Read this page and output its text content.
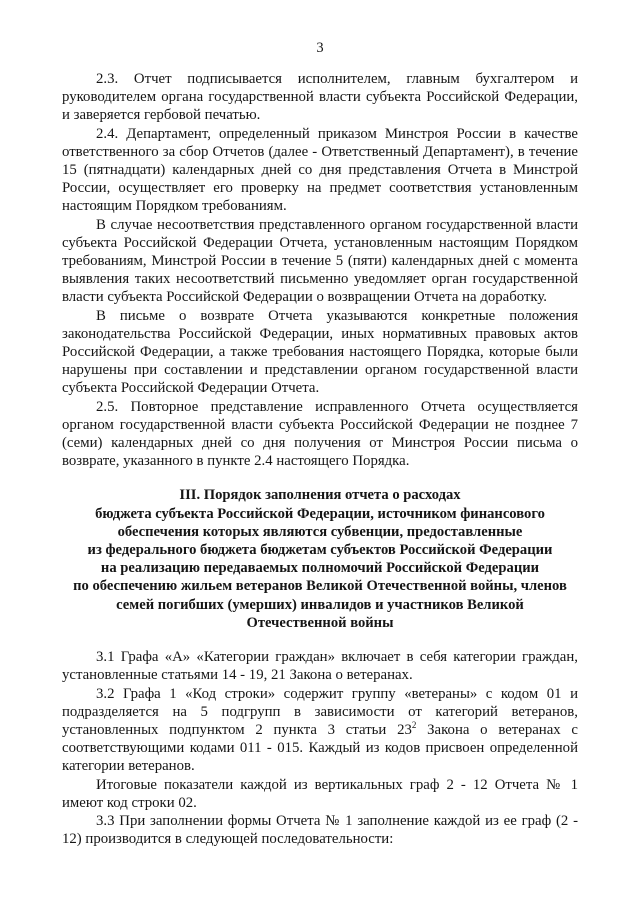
3

2.3. Отчет подписывается исполнителем, главным бухгалтером и руководителем органа государственной власти субъекта Российской Федерации, и заверяется гербовой печатью.

2.4. Департамент, определенный приказом Минстроя России в качестве ответственного за сбор Отчетов (далее - Ответственный Департамент), в течение 15 (пятнадцати) календарных дней со дня представления Отчета в Минстрой России, осуществляет его проверку на предмет соответствия установленным настоящим Порядком требованиям.

В случае несоответствия представленного органом государственной власти субъекта Российской Федерации Отчета, установленным настоящим Порядком требованиям, Минстрой России в течение 5 (пяти) календарных дней с момента выявления таких несоответствий письменно уведомляет орган государственной власти субъекта Российской Федерации о возвращении Отчета на доработку.

В письме о возврате Отчета указываются конкретные положения законодательства Российской Федерации, иных нормативных правовых актов Российской Федерации, а также требования настоящего Порядка, которые были нарушены при составлении и представлении органом государственной власти субъекта Российской Федерации Отчета.

2.5. Повторное представление исправленного Отчета осуществляется органом государственной власти субъекта Российской Федерации не позднее 7 (семи) календарных дней со дня получения от Минстроя России письма о возврате, указанного в пункте 2.4 настоящего Порядка.

III. Порядок заполнения отчета о расходах
бюджета субъекта Российской Федерации, источником финансового
обеспечения которых являются субвенции, предоставленные
из федерального бюджета бюджетам субъектов Российской Федерации
на реализацию передаваемых полномочий Российской Федерации
по обеспечению жильем ветеранов Великой Отечественной войны, членов
семей погибших (умерших) инвалидов и участников Великой
Отечественной войны

3.1 Графа «А» «Категории граждан» включает в себя категории граждан, установленные статьями 14 - 19, 21 Закона о ветеранах.

3.2 Графа 1 «Код строки» содержит группу «ветераны» с кодом 01 и подразделяется на 5 подгрупп в зависимости от категорий ветеранов, установленных подпунктом 2 пункта 3 статьи $23^2$ Закона о ветеранах с соответствующими кодами 011 - 015. Каждый из кодов присвоен определенной категории ветеранов.

Итоговые показатели каждой из вертикальных граф 2 - 12 Отчета № 1 имеют код строки 02.

3.3 При заполнении формы Отчета № 1 заполнение каждой из ее граф (2 - 12) производится в следующей последовательности:
